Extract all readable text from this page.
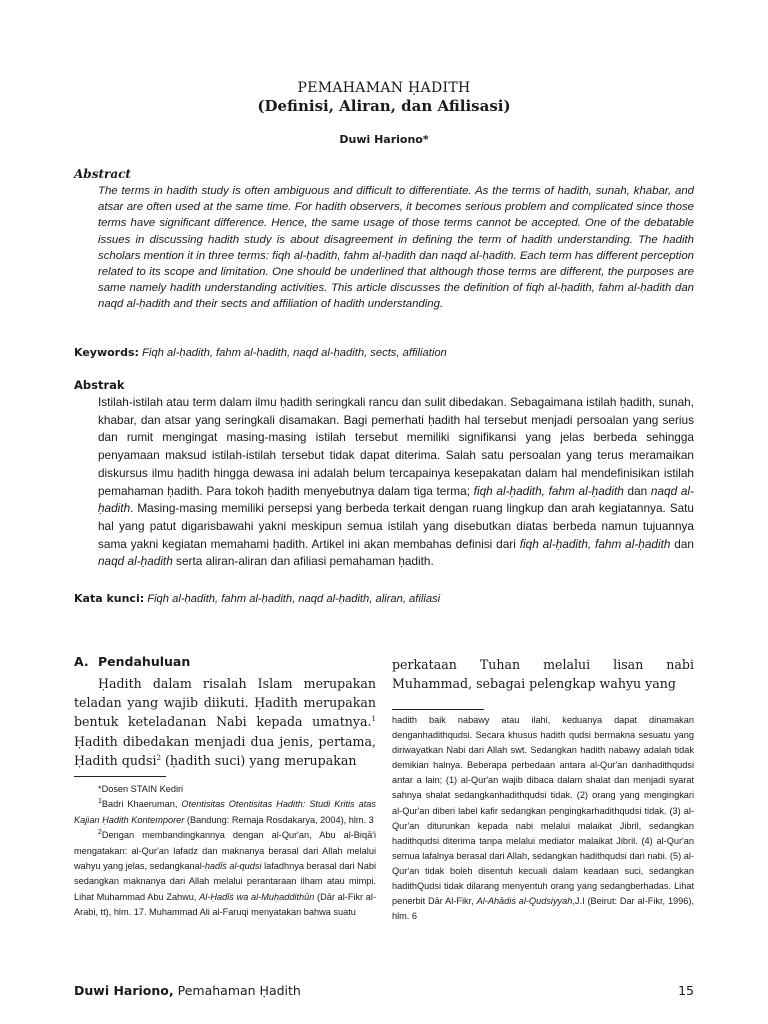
PEMAHAMAN ḤADITH
(Definisi, Aliran, dan Afilisasi)
Duwi Hariono*
Abstract
The terms in hadith study is often ambiguous and difficult to differentiate. As the terms of hadith, sunah, khabar, and atsar are often used at the same time. For hadith observers, it becomes serious problem and complicated since those terms have significant difference. Hence, the same usage of those terms cannot be accepted. One of the debatable issues in discussing hadith study is about disagreement in defining the term of hadith understanding. The hadith scholars mention it in three terms: fiqh al-ḥadith, fahm al-ḥadith dan naqd al-ḥadith. Each term has different perception related to its scope and limitation. One should be underlined that although those terms are different, the purposes are same namely hadith understanding activities. This article discusses the definition of fiqh al-ḥadith, fahm al-ḥadith dan naqd al-ḥadith and their sects and affiliation of hadith understanding.
Keywords: Fiqh al-ḥadith, fahm al-ḥadith, naqd al-ḥadith, sects, affiliation
Abstrak
Istilah-istilah atau term dalam ilmu ḥadith seringkali rancu dan sulit dibedakan. Sebagaimana istilah ḥadith, sunah, khabar, dan atsar yang seringkali disamakan. Bagi pemerhati ḥadith hal tersebut menjadi persoalan yang serius dan rumit mengingat masing-masing istilah tersebut memiliki signifikansi yang jelas berbeda sehingga penyamaan maksud istilah-istilah tersebut tidak dapat diterima. Salah satu persoalan yang terus meramaikan diskursus ilmu ḥadith hingga dewasa ini adalah belum tercapainya kesepakatan dalam hal mendefinisikan istilah pemahaman ḥadith. Para tokoh ḥadith menyebutnya dalam tiga terma; fiqh al-ḥadith, fahm al-ḥadith dan naqd al-ḥadith. Masing-masing memiliki persepsi yang berbeda terkait dengan ruang lingkup dan arah kegiatannya. Satu hal yang patut digarisbawahi yakni meskipun semua istilah yang disebutkan diatas berbeda namun tujuannya sama yakni kegiatan memahami ḥadith. Artikel ini akan membahas definisi dari fiqh al-ḥadith, fahm al-ḥadith dan naqd al-ḥadith serta aliran-aliran dan afiliasi pemahaman ḥadith.
Kata kunci: Fiqh al-ḥadith, fahm al-ḥadith, naqd al-ḥadith, aliran, afiliasi
A. Pendahuluan
Ḥadith dalam risalah Islam merupakan teladan yang wajib diikuti. Ḥadith merupakan bentuk keteladanan Nabi kepada umatnya.$^1$ Ḥadith dibedakan menjadi dua jenis, pertama, Ḥadith qudsi$^2$ (ḥadith suci) yang merupakan

*Dosen STAIN Kediri

$^1$Badri Khaeruman, Otentisitas Otentisitas Ḥadith: Studi Kritis atas Kajian Ḥadith Kontemporer (Bandung: Remaja Rosdakarya, 2004), hlm. 3

$^2$Dengan membandingkannya dengan al-Qur'an, Abu al-Biqā'i mengatakan: al-Qur'an lafadz dan maknanya berasal dari Allah melalui wahyu yang jelas, sedangkanal-ḥadīṡ al-qudsi lafadhnya berasal dari Nabi sedangkan maknanya dari Allah melalui perantaraan ilham atau mimpi. Lihat Muhammad Abu Zahwu, Al-Ḥadīṡ wa al-Muḥaddithūn (Dār al-Fikr al-Arabi, tt), hlm. 17. Muhammad Ali al-Faruqi menyatakan bahwa suatu

perkataan Tuhan melalui lisan nabi Muhammad, sebagai pelengkap wahyu yang
hadith baik nabawy atau ilahi, keduanya dapat dinamakan denganhadithqudsi. Secara khusus hadith qudsi bermakna sesuatu yang diriwayatkan Nabi dari Allah swt. Sedangkan hadith nabawy adalah tidak demikian halnya. Beberapa perbedaan antara al-Qur'an danhadithqudsi antar a lain; (1) al-Qur'an wajib dibaca dalam shalat dan menjadi syarat sahnya shalat sedangkanhadithqudsi tidak. (2) orang yang mengingkari al-Qur'an diberi label kafir sedangkan pengingkarhadithqudsi tidak. (3) al-Qur'an diturunkan kepada nabi melalui malaikat Jibril, sedangkan hadithqudsi diterima tanpa melalui mediator malaikat Jibril. (4) al-Qur'an semua lafalnya berasal dari Allah, sedangkan hadithqudsi dari nabi. (5) al-Qur'an tidak boleh disentuh kecuali dalam keadaan suci, sedangkan hadithQudsi tidak dilarang menyentuh orang yang sedangberhadas. Lihat penerbit Dār Al-Fikr, Al-Ahādiṡ al-Qudsiyyah,J.I (Beirut: Dar al-Fikr, 1996), hlm. 6
Duwi Hariono, Pemahaman Ḥadith	15
